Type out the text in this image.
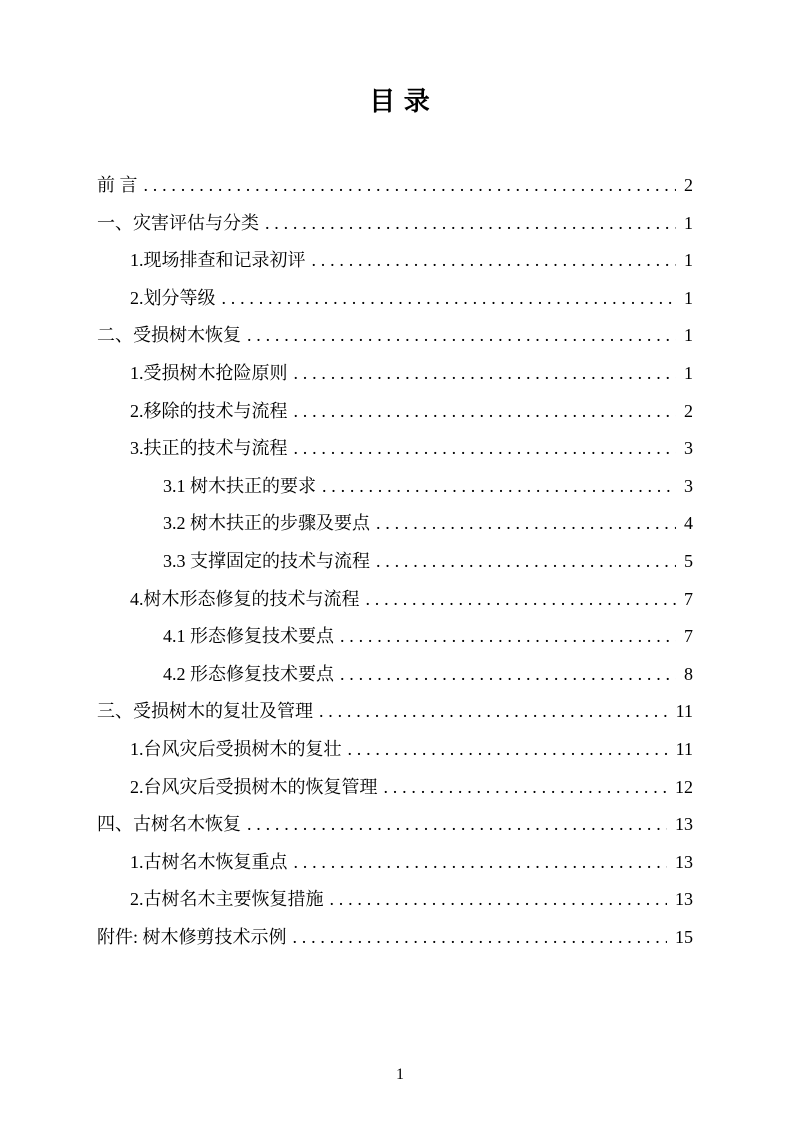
目 录
前 言 .....	2
一、灾害评估与分类 .....	1
1.现场排查和记录初评 .....	1
2.划分等级 .....	1
二、受损树木恢复 .....	1
1.受损树木抢险原则 .....	1
2.移除的技术与流程 .....	2
3.扶正的技术与流程 .....	3
3.1 树木扶正的要求 .....	3
3.2 树木扶正的步骤及要点 .....	4
3.3 支撑固定的技术与流程 .....	5
4.树木形态修复的技术与流程 .....	7
4.1 形态修复技术要点 .....	7
4.2 形态修复技术要点 .....	8
三、受损树木的复壮及管理 .....	11
1.台风灾后受损树木的复壮 .....	11
2.台风灾后受损树木的恢复管理 .....	12
四、古树名木恢复 .....	13
1.古树名木恢复重点 .....	13
2.古树名木主要恢复措施 .....	13
附件: 树木修剪技术示例 .....	15
1
